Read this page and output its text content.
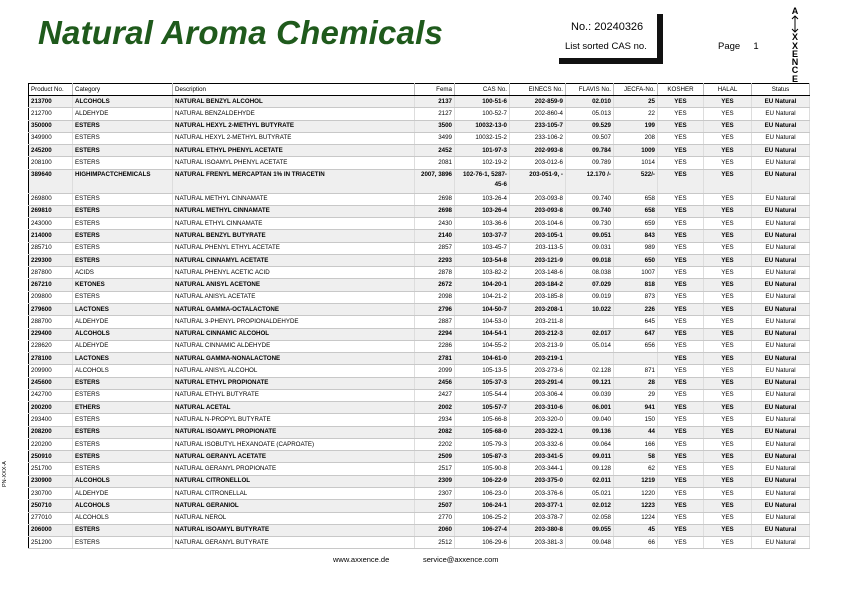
Natural Aroma Chemicals	No.: 20240326
List sorted CAS no.	Page 1
A

X
X
E
N
C
E
PN-XXX-A
Product No.	Category	Description	Fema	CAS No.	EINECS No.	FLAVIS No.	JECFA-No.	KOSHER	HALAL	Status
213700	ALCOHOLS	NATURAL BENZYL ALCOHOL	2137	100-51-6	202-859-9	02.010	25	YES	YES	EU Natural
212700	ALDEHYDE	NATURAL BENZALDEHYDE	2127	100-52-7	202-860-4	05.013	22	YES	YES	EU Natural
350000	ESTERS	NATURAL HEXYL 2-METHYL BUTYRATE	3500	10032-13-0	233-105-7	09.529	199	YES	YES	EU Natural
349900	ESTERS	NATURAL HEXYL 2-METHYL BUTYRATE	3499	10032-15-2	233-106-2	09.507	208	YES	YES	EU Natural
245200	ESTERS	NATURAL ETHYL PHENYL ACETATE	2452	101-97-3	202-993-8	09.784	1009	YES	YES	EU Natural
208100	ESTERS	NATURAL ISOAMYL PHENYL ACETATE	2081	102-19-2	203-012-6	09.789	1014	YES	YES	EU Natural
389640	HIGHIMPACTCHEMICALS	NATURAL FRENYL MERCAPTAN 1% IN TRIACETIN	2007, 3896	102-76-1, 5287-45-6	203-051-9, -	12.170 /-	522/-	YES	YES	EU Natural
269800	ESTERS	NATURAL METHYL CINNAMATE	2698	103-26-4	203-093-8	09.740	658	YES	YES	EU Natural
269810	ESTERS	NATURAL METHYL CINNAMATE	2698	103-26-4	203-093-8	09.740	658	YES	YES	EU Natural
243000	ESTERS	NATURAL ETHYL CINNAMATE	2430	103-36-6	203-104-6	09.730	659	YES	YES	EU Natural
214000	ESTERS	NATURAL BENZYL BUTYRATE	2140	103-37-7	203-105-1	09.051	843	YES	YES	EU Natural
285710	ESTERS	NATURAL PHENYL ETHYL ACETATE	2857	103-45-7	203-113-5	09.031	989	YES	YES	EU Natural
229300	ESTERS	NATURAL CINNAMYL ACETATE	2293	103-54-8	203-121-9	09.018	650	YES	YES	EU Natural
287800	ACIDS	NATURAL PHENYL ACETIC ACID	2878	103-82-2	203-148-6	08.038	1007	YES	YES	EU Natural
267210	KETONES	NATURAL ANISYL ACETONE	2672	104-20-1	203-184-2	07.029	818	YES	YES	EU Natural
209800	ESTERS	NATURAL ANISYL ACETATE	2098	104-21-2	203-185-8	09.019	873	YES	YES	EU Natural
279600	LACTONES	NATURAL GAMMA-OCTALACTONE	2796	104-50-7	203-208-1	10.022	226	YES	YES	EU Natural
288700	ALDEHYDE	NATURAL 3-PHENYL PROPIONALDEHYDE	2887	104-53-0	203-211-8		645	YES	YES	EU Natural
229400	ALCOHOLS	NATURAL CINNAMIC ALCOHOL	2294	104-54-1	203-212-3	02.017	647	YES	YES	EU Natural
228620	ALDEHYDE	NATURAL CINNAMIC ALDEHYDE	2286	104-55-2	203-213-9	05.014	656	YES	YES	EU Natural
278100	LACTONES	NATURAL GAMMA-NONALACTONE	2781	104-61-0	203-219-1			YES	YES	EU Natural
209900	ALCOHOLS	NATURAL ANISYL ALCOHOL	2099	105-13-5	203-273-6	02.128	871	YES	YES	EU Natural
245600	ESTERS	NATURAL ETHYL PROPIONATE	2456	105-37-3	203-291-4	09.121	28	YES	YES	EU Natural
242700	ESTERS	NATURAL ETHYL BUTYRATE	2427	105-54-4	203-306-4	09.039	29	YES	YES	EU Natural
200200	ETHERS	NATURAL ACETAL	2002	105-57-7	203-310-6	06.001	941	YES	YES	EU Natural
293400	ESTERS	NATURAL N-PROPYL BUTYRATE	2934	105-66-8	203-320-0	09.040	150	YES	YES	EU Natural
208200	ESTERS	NATURAL ISOAMYL PROPIONATE	2082	105-68-0	203-322-1	09.136	44	YES	YES	EU Natural
220200	ESTERS	NATURAL ISOBUTYL HEXANOATE (CAPROATE)	2202	105-79-3	203-332-6	09.064	166	YES	YES	EU Natural
250910	ESTERS	NATURAL GERANYL ACETATE	2509	105-87-3	203-341-5	09.011	58	YES	YES	EU Natural
251700	ESTERS	NATURAL GERANYL PROPIONATE	2517	105-90-8	203-344-1	09.128	62	YES	YES	EU Natural
230900	ALCOHOLS	NATURAL CITRONELLOL	2309	106-22-9	203-375-0	02.011	1219	YES	YES	EU Natural
230700	ALDEHYDE	NATURAL CITRONELLAL	2307	106-23-0	203-376-6	05.021	1220	YES	YES	EU Natural
250710	ALCOHOLS	NATURAL GERANIOL	2507	106-24-1	203-377-1	02.012	1223	YES	YES	EU Natural
277010	ALCOHOLS	NATURAL NEROL	2770	106-25-2	203-378-7	02.058	1224	YES	YES	EU Natural
206000	ESTERS	NATURAL ISOAMYL BUTYRATE	2060	106-27-4	203-380-8	09.055	45	YES	YES	EU Natural
251200	ESTERS	NATURAL GERANYL BUTYRATE	2512	106-29-6	203-381-3	09.048	66	YES	YES	EU Natural
www.axxence.de	service@axxence.com
